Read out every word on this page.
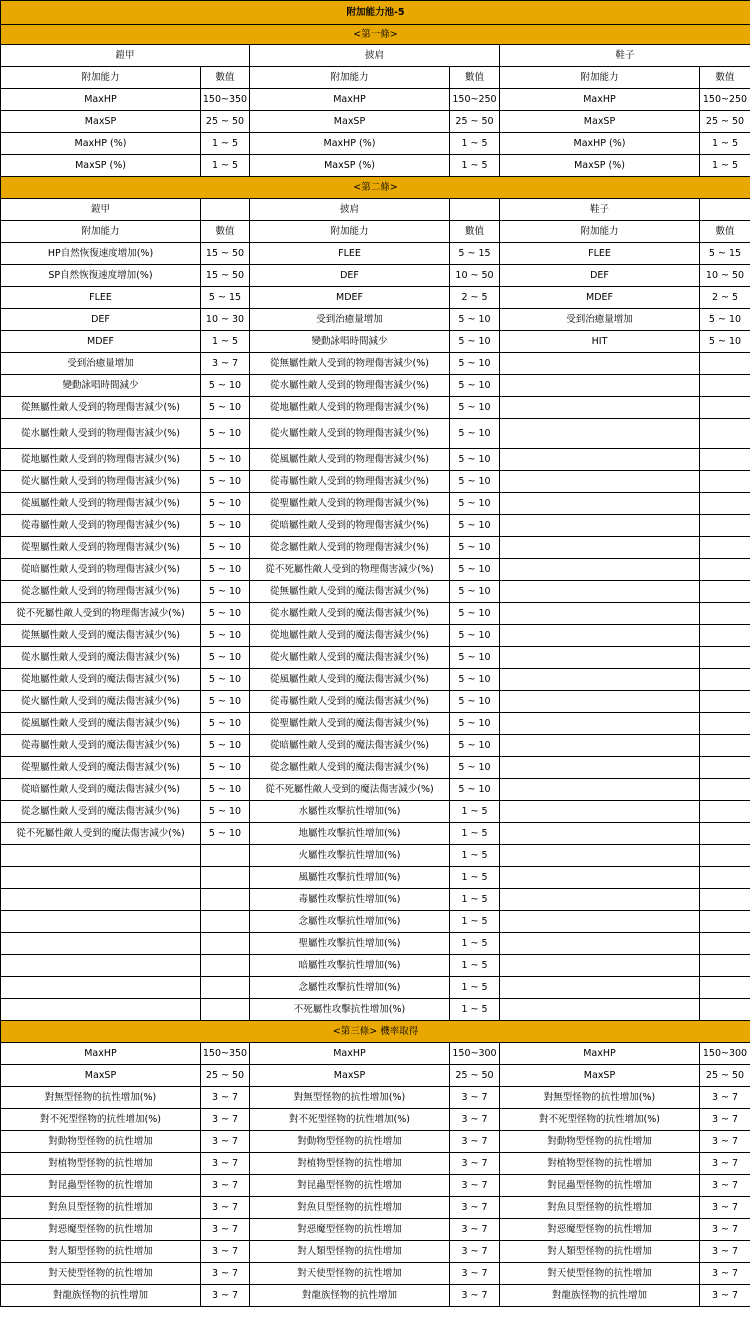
附加能力池-5					
<第一條>					
鎧甲		披肩		鞋子	
附加能力	數值	附加能力	數值	附加能力	數值
MaxHP	150~350	MaxHP	150~250	MaxHP	150~250
MaxSP	25 ~ 50	MaxSP	25 ~ 50	MaxSP	25 ~ 50
MaxHP (%)	1 ~ 5	MaxHP (%)	1 ~ 5	MaxHP (%)	1 ~ 5
MaxSP (%)	1 ~ 5	MaxSP (%)	1 ~ 5	MaxSP (%)	1 ~ 5
<第二條>					
鎧甲		披肩		鞋子	
附加能力	數值	附加能力	數值	附加能力	數值
HP自然恢復速度增加(%)	15 ~ 50	FLEE	5 ~ 15	FLEE	5 ~ 15
SP自然恢復速度增加(%)	15 ~ 50	DEF	10 ~ 50	DEF	10 ~ 50
FLEE	5 ~ 15	MDEF	2 ~ 5	MDEF	2 ~ 5
DEF	10 ~ 30	受到治癒量增加	5 ~ 10	受到治癒量增加	5 ~ 10
MDEF	1 ~ 5	變動詠唱時間減少	5 ~ 10	HIT	5 ~ 10
受到治癒量增加	3 ~ 7	從無屬性敵人受到的物理傷害減少(%)	5 ~ 10		
變動詠唱時間減少	5 ~ 10	從水屬性敵人受到的物理傷害減少(%)	5 ~ 10		
從無屬性敵人受到的物理傷害減少(%)	5 ~ 10	從地屬性敵人受到的物理傷害減少(%)	5 ~ 10		
從水屬性敵人受到的物理傷害減少(%)	5 ~ 10	從火屬性敵人受到的物理傷害減少(%)	5 ~ 10		
從地屬性敵人受到的物理傷害減少(%)	5 ~ 10	從風屬性敵人受到的物理傷害減少(%)	5 ~ 10		
從火屬性敵人受到的物理傷害減少(%)	5 ~ 10	從毒屬性敵人受到的物理傷害減少(%)	5 ~ 10		
從風屬性敵人受到的物理傷害減少(%)	5 ~ 10	從聖屬性敵人受到的物理傷害減少(%)	5 ~ 10		
從毒屬性敵人受到的物理傷害減少(%)	5 ~ 10	從暗屬性敵人受到的物理傷害減少(%)	5 ~ 10		
從聖屬性敵人受到的物理傷害減少(%)	5 ~ 10	從念屬性敵人受到的物理傷害減少(%)	5 ~ 10		
從暗屬性敵人受到的物理傷害減少(%)	5 ~ 10	從不死屬性敵人受到的物理傷害減少(%)	5 ~ 10		
從念屬性敵人受到的物理傷害減少(%)	5 ~ 10	從無屬性敵人受到的魔法傷害減少(%)	5 ~ 10		
從不死屬性敵人受到的物理傷害減少(%)	5 ~ 10	從水屬性敵人受到的魔法傷害減少(%)	5 ~ 10		
從無屬性敵人受到的魔法傷害減少(%)	5 ~ 10	從地屬性敵人受到的魔法傷害減少(%)	5 ~ 10		
從水屬性敵人受到的魔法傷害減少(%)	5 ~ 10	從火屬性敵人受到的魔法傷害減少(%)	5 ~ 10		
從地屬性敵人受到的魔法傷害減少(%)	5 ~ 10	從風屬性敵人受到的魔法傷害減少(%)	5 ~ 10		
從火屬性敵人受到的魔法傷害減少(%)	5 ~ 10	從毒屬性敵人受到的魔法傷害減少(%)	5 ~ 10		
從風屬性敵人受到的魔法傷害減少(%)	5 ~ 10	從聖屬性敵人受到的魔法傷害減少(%)	5 ~ 10		
從毒屬性敵人受到的魔法傷害減少(%)	5 ~ 10	從暗屬性敵人受到的魔法傷害減少(%)	5 ~ 10		
從聖屬性敵人受到的魔法傷害減少(%)	5 ~ 10	從念屬性敵人受到的魔法傷害減少(%)	5 ~ 10		
從暗屬性敵人受到的魔法傷害減少(%)	5 ~ 10	從不死屬性敵人受到的魔法傷害減少(%)	5 ~ 10		
從念屬性敵人受到的魔法傷害減少(%)	5 ~ 10	水屬性攻擊抗性增加(%)	1 ~ 5		
從不死屬性敵人受到的魔法傷害減少(%)	5 ~ 10	地屬性攻擊抗性增加(%)	1 ~ 5		
		火屬性攻擊抗性增加(%)	1 ~ 5		
		風屬性攻擊抗性增加(%)	1 ~ 5		
		毒屬性攻擊抗性增加(%)	1 ~ 5		
		念屬性攻擊抗性增加(%)	1 ~ 5		
		聖屬性攻擊抗性增加(%)	1 ~ 5		
		暗屬性攻擊抗性增加(%)	1 ~ 5		
		念屬性攻擊抗性增加(%)	1 ~ 5		
		不死屬性攻擊抗性增加(%)	1 ~ 5		
<第三條> 機率取得					
MaxHP	150~350	MaxHP	150~300	MaxHP	150~300
MaxSP	25 ~ 50	MaxSP	25 ~ 50	MaxSP	25 ~ 50
對無型怪物的抗性增加(%)	3 ~ 7	對無型怪物的抗性增加(%)	3 ~ 7	對無型怪物的抗性增加(%)	3 ~ 7
對不死型怪物的抗性增加(%)	3 ~ 7	對不死型怪物的抗性增加(%)	3 ~ 7	對不死型怪物的抗性增加(%)	3 ~ 7
對動物型怪物的抗性增加	3 ~ 7	對動物型怪物的抗性增加	3 ~ 7	對動物型怪物的抗性增加	3 ~ 7
對植物型怪物的抗性增加	3 ~ 7	對植物型怪物的抗性增加	3 ~ 7	對植物型怪物的抗性增加	3 ~ 7
對昆蟲型怪物的抗性增加	3 ~ 7	對昆蟲型怪物的抗性增加	3 ~ 7	對昆蟲型怪物的抗性增加	3 ~ 7
對魚貝型怪物的抗性增加	3 ~ 7	對魚貝型怪物的抗性增加	3 ~ 7	對魚貝型怪物的抗性增加	3 ~ 7
對惡魔型怪物的抗性增加	3 ~ 7	對惡魔型怪物的抗性增加	3 ~ 7	對惡魔型怪物的抗性增加	3 ~ 7
對人類型怪物的抗性增加	3 ~ 7	對人類型怪物的抗性增加	3 ~ 7	對人類型怪物的抗性增加	3 ~ 7
對天使型怪物的抗性增加	3 ~ 7	對天使型怪物的抗性增加	3 ~ 7	對天使型怪物的抗性增加	3 ~ 7
對龍族怪物的抗性增加	3 ~ 7	對龍族怪物的抗性增加	3 ~ 7	對龍族怪物的抗性增加	3 ~ 7
